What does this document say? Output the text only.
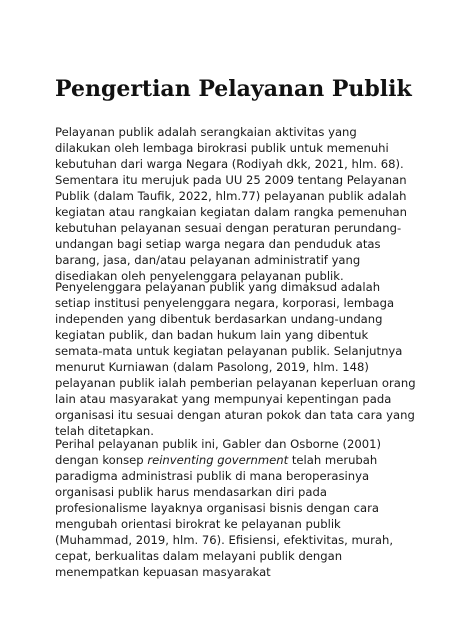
Pengertian Pelayanan Publik

Pelayanan publik adalah serangkaian aktivitas yang
dilakukan oleh lembaga birokrasi publik untuk memenuhi
kebutuhan dari warga Negara (Rodiyah dkk, 2021, hlm. 68).
Sementara itu merujuk pada UU 25 2009 tentang Pelayanan
Publik (dalam Taufik, 2022, hlm.77) pelayanan publik adalah
kegiatan atau rangkaian kegiatan dalam rangka pemenuhan
kebutuhan pelayanan sesuai dengan peraturan perundang-
undangan bagi setiap warga negara dan penduduk atas
barang, jasa, dan/atau pelayanan administratif yang
disediakan oleh penyelenggara pelayanan publik.

Penyelenggara pelayanan publik yang dimaksud adalah
setiap institusi penyelenggara negara, korporasi, lembaga
independen yang dibentuk berdasarkan undang-undang
kegiatan publik, dan badan hukum lain yang dibentuk
semata-mata untuk kegiatan pelayanan publik. Selanjutnya
menurut Kurniawan (dalam Pasolong, 2019, hlm. 148)
pelayanan publik ialah pemberian pelayanan keperluan orang
lain atau masyarakat yang mempunyai kepentingan pada
organisasi itu sesuai dengan aturan pokok dan tata cara yang
telah ditetapkan.

Perihal pelayanan publik ini, Gabler dan Osborne (2001)
dengan konsep reinventing government telah merubah
paradigma administrasi publik di mana beroperasinya
organisasi publik harus mendasarkan diri pada
profesionalisme layaknya organisasi bisnis dengan cara
mengubah orientasi birokrat ke pelayanan publik
(Muhammad, 2019, hlm. 76). Efisiensi, efektivitas, murah,
cepat, berkualitas dalam melayani publik dengan
menempatkan kepuasan masyarakat
